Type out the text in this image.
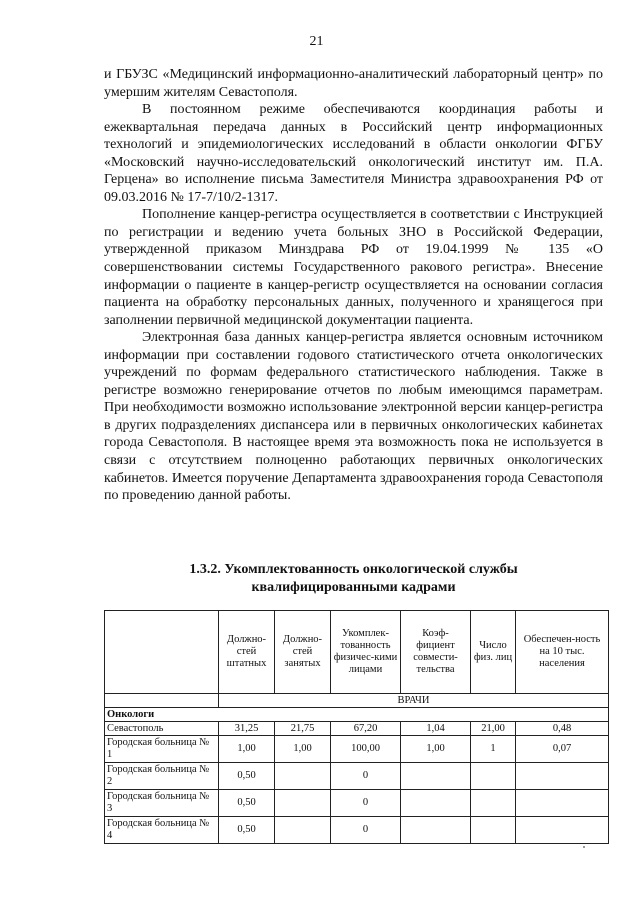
21

и ГБУЗС «Медицинский информационно-аналитический лабораторный центр» по умершим жителям Севастополя.

В постоянном режиме обеспечиваются координация работы и ежеквартальная передача данных в Российский центр информационных технологий и эпидемиологических исследований в области онкологии ФГБУ «Московский научно-исследовательский онкологический институт им. П.А. Герцена» во исполнение письма Заместителя Министра здравоохранения РФ от 09.03.2016 № 17-7/10/2-1317.

Пополнение канцер-регистра осуществляется в соответствии с Инструкцией по регистрации и ведению учета больных ЗНО в Российской Федерации, утвержденной приказом Минздрава РФ от 19.04.1999 № 135 «О совершенствовании системы Государственного ракового регистра». Внесение информации о пациенте в канцер-регистр осуществляется на основании согласия пациента на обработку персональных данных, полученного и хранящегося при заполнении первичной медицинской документации пациента.

Электронная база данных канцер-регистра является основным источником информации при составлении годового статистического отчета онкологических учреждений по формам федерального статистического наблюдения. Также в регистре возможно генерирование отчетов по любым имеющимся параметрам. При необходимости возможно использование электронной версии канцер-регистра в других подразделениях диспансера или в первичных онкологических кабинетах города Севастополя. В настоящее время эта возможность пока не используется в связи с отсутствием полноценно работающих первичных онкологических кабинетов. Имеется поручение Департамента здравоохранения города Севастополя по проведению данной работы.

1.3.2. Укомплектованность онкологической службы
квалифицированными кадрами
	Должно-стей штатных	Должно-стей занятых	Укомплек-тованность физичес-кими лицами	Коэф-фициент совмести-тельства	Число физ. лиц	Обеспечен-ность на 10 тыс. населения
	ВРАЧИ					
Онкологи						
Севастополь	31,25	21,75	67,20	1,04	21,00	0,48
Городская больница № 1	1,00	1,00	100,00	1,00	1	0,07
Городская больница № 2	0,50		0			
Городская больница № 3	0,50		0			
Городская больница № 4	0,50		0			
